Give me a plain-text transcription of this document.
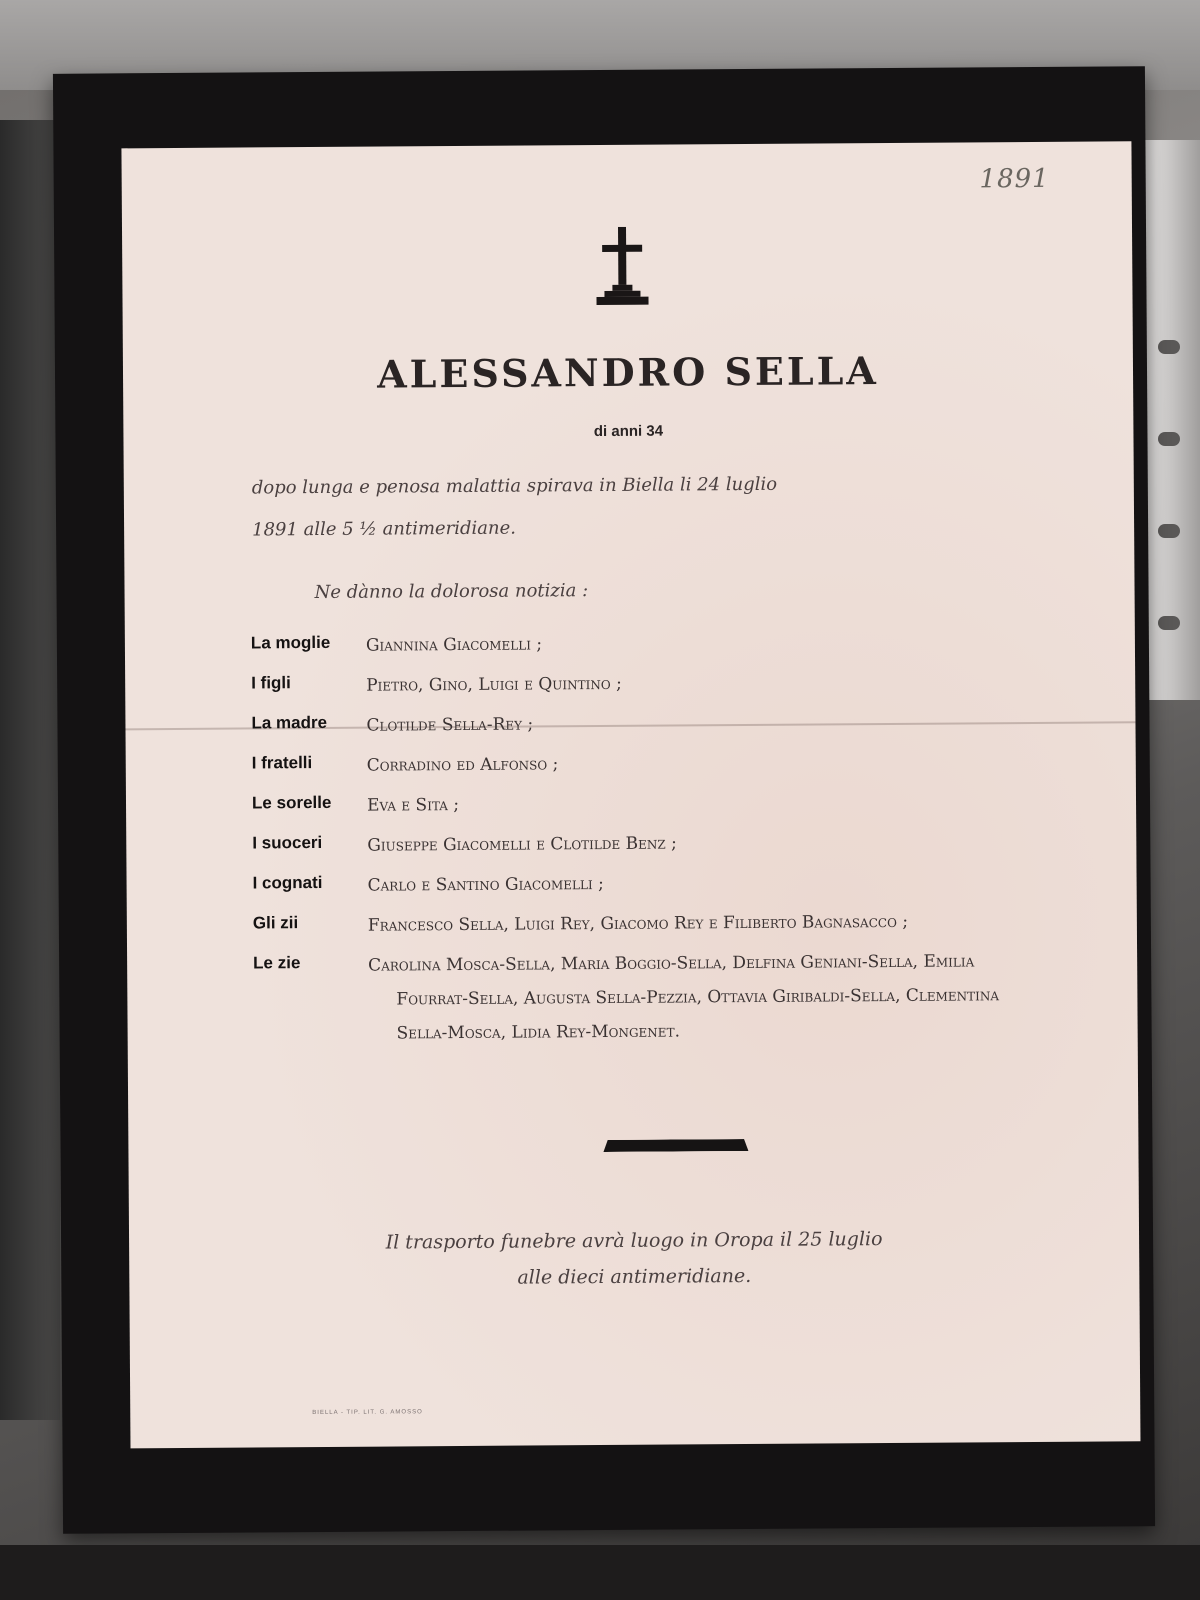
1891
ALESSANDRO SELLA
di anni 34
dopo lunga e penosa malattia spirava in Biella li 24 luglio
1891 alle 5 ½ antimeridiane.
Ne dànno la dolorosa notizia :
La moglie	Giannina Giacomelli ;
I figli	Pietro, Gino, Luigi e Quintino ;
La madre	Clotilde Sella-Rey ;
I fratelli	Corradino ed Alfonso ;
Le sorelle	Eva e Sita ;
I suoceri	Giuseppe Giacomelli e Clotilde Benz ;
I cognati	Carlo e Santino Giacomelli ;
Gli zii	Francesco Sella, Luigi Rey, Giacomo Rey e Filiberto Bagnasacco ;
Le zie	Carolina Mosca-Sella, Maria Boggio-Sella, Delfina Geniani-Sella, Emilia Fourrat-Sella, Augusta Sella-Pezzia, Ottavia Giribaldi-Sella, Clementina Sella-Mosca, Lidia Rey-Mongenet.
Il trasporto funebre avrà luogo in Oropa il 25 luglio
alle dieci antimeridiane.
BIELLA - TIP. LIT. G. AMOSSO
